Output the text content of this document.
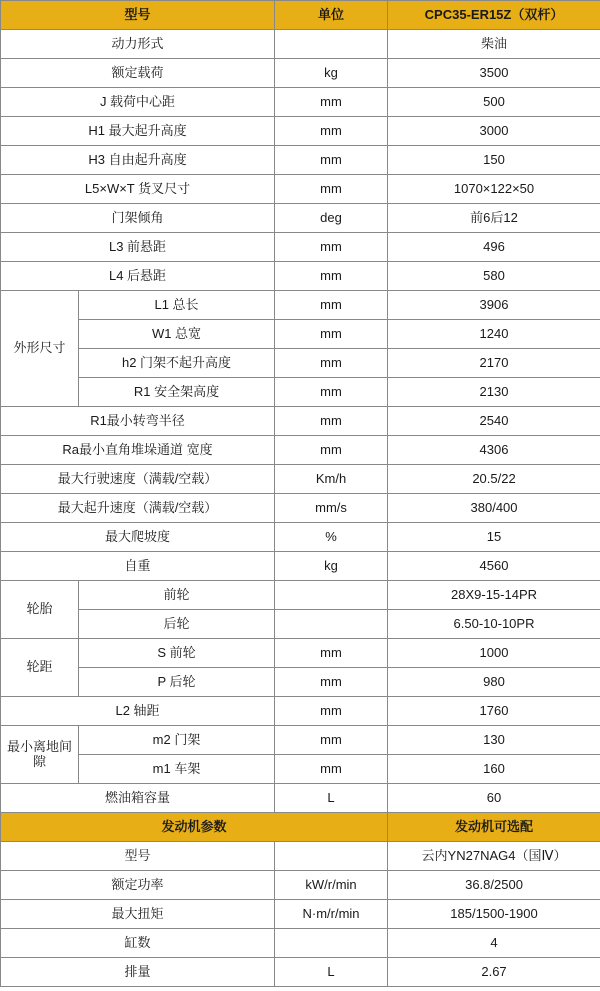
型号		单位	CPC35-ER15Z（双杆）
动力形式			柴油
额定载荷		kg	3500
J 载荷中心距		mm	500
H1 最大起升高度		mm	3000
H3 自由起升高度		mm	150
L5×W×T 货叉尺寸		mm	1070×122×50
门架倾角		deg	前6后12
L3 前悬距		mm	496
L4 后悬距		mm	580
外形尺寸	L1 总长	mm	3906
	W1 总宽	mm	1240
	h2 门架不起升高度	mm	2170
	R1 安全架高度	mm	2130
R1最小转弯半径		mm	2540
Ra最小直角堆垛通道 宽度		mm	4306
最大行驶速度（满载/空载）		Km/h	20.5/22
最大起升速度（满载/空载）		mm/s	380/400
最大爬坡度		%	15
自重		kg	4560
轮胎	前轮		28X9-15-14PR
	后轮		6.50-10-10PR
轮距	S 前轮	mm	1000
	P 后轮	mm	980
L2 轴距		mm	1760
最小离地间隙	m2 门架	mm	130
	m1 车架	mm	160
燃油箱容量		L	60
发动机参数			发动机可选配
型号			云内YN27NAG4（国Ⅳ）
额定功率		kW/r/min	36.8/2500
最大扭矩		N·m/r/min	185/1500-1900
缸数			4
排量		L	2.67
